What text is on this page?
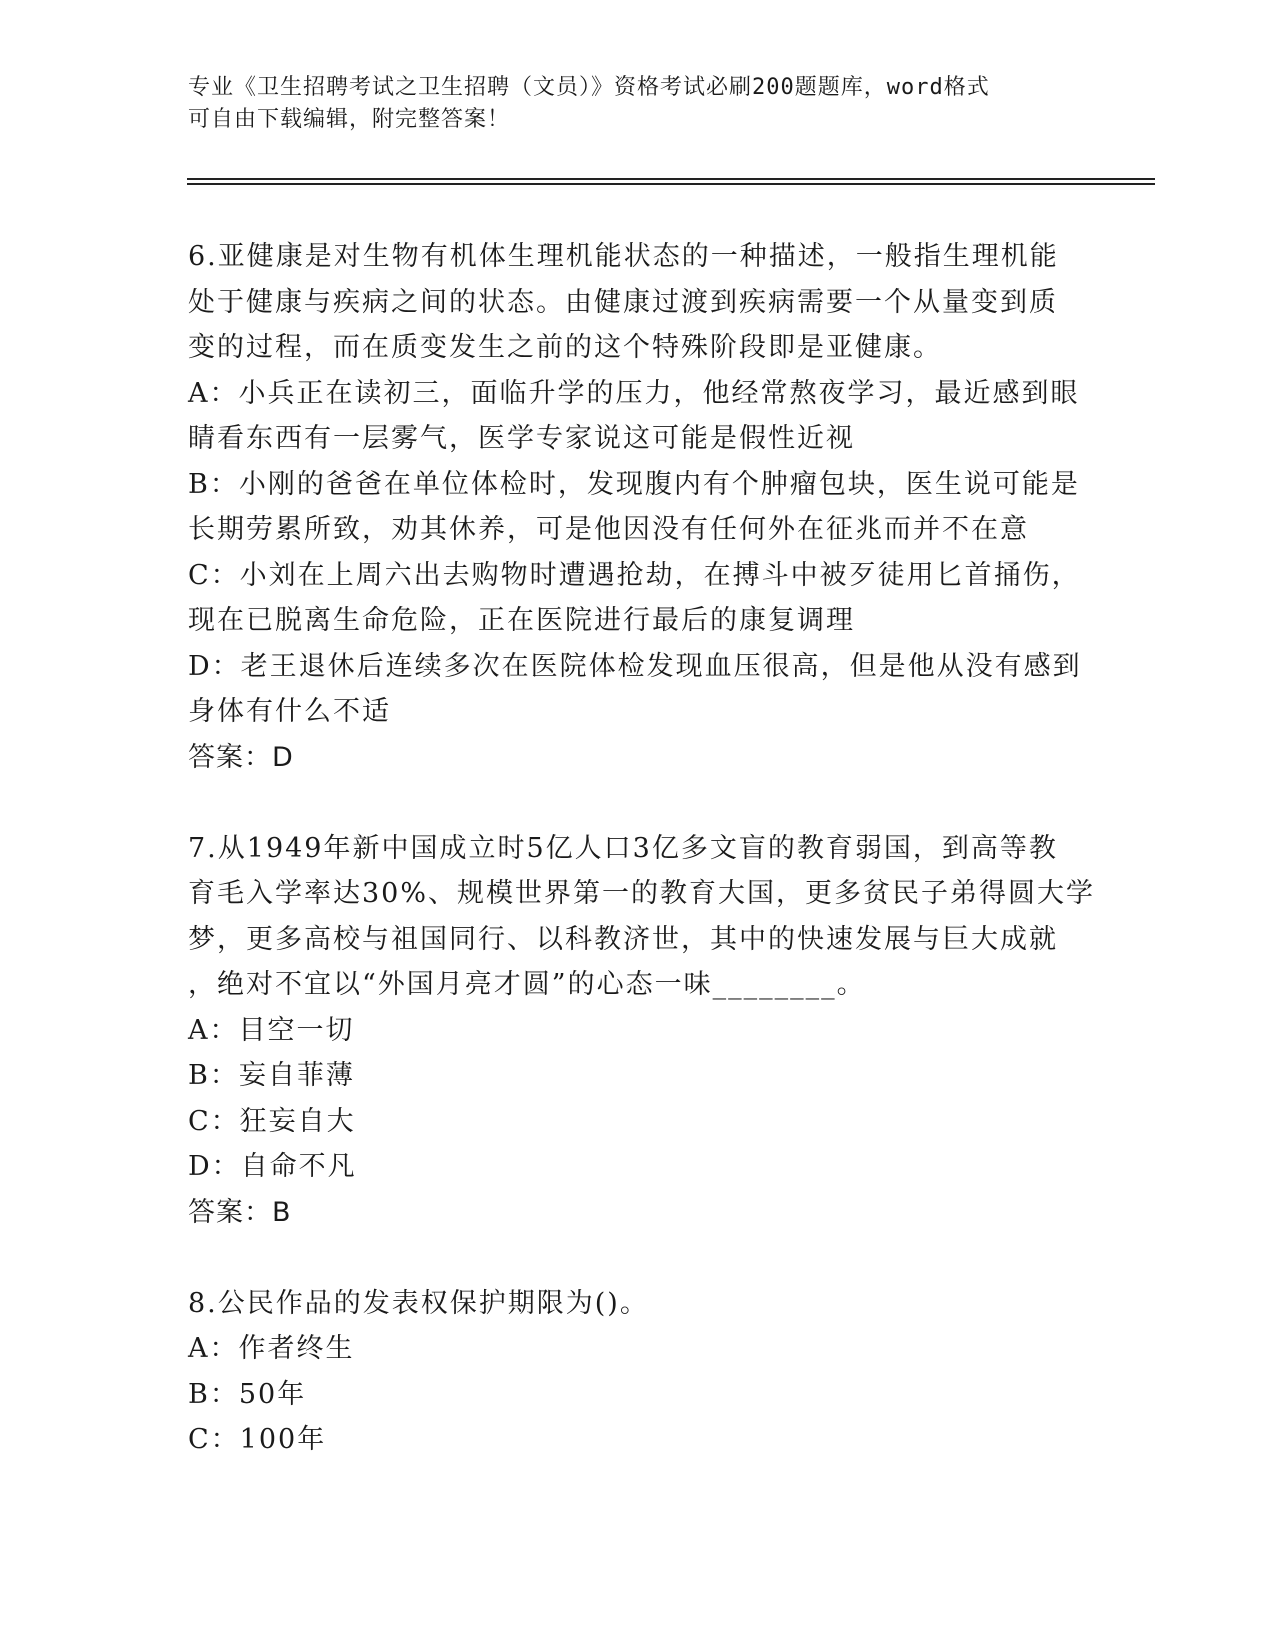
专业《卫生招聘考试之卫生招聘（文员）》资格考试必刷200题题库，word格式
可自由下载编辑，附完整答案！
6.亚健康是对生物有机体生理机能状态的一种描述，一般指生理机能
处于健康与疾病之间的状态。由健康过渡到疾病需要一个从量变到质
变的过程，而在质变发生之前的这个特殊阶段即是亚健康。
A：小兵正在读初三，面临升学的压力，他经常熬夜学习，最近感到眼
睛看东西有一层雾气，医学专家说这可能是假性近视
B：小刚的爸爸在单位体检时，发现腹内有个肿瘤包块，医生说可能是
长期劳累所致，劝其休养，可是他因没有任何外在征兆而并不在意
C：小刘在上周六出去购物时遭遇抢劫，在搏斗中被歹徒用匕首捅伤，
现在已脱离生命危险，正在医院进行最后的康复调理
D：老王退休后连续多次在医院体检发现血压很高，但是他从没有感到
身体有什么不适
答案：D
7.从1949年新中国成立时5亿人口3亿多文盲的教育弱国，到高等教
育毛入学率达30%、规模世界第一的教育大国，更多贫民子弟得圆大学
梦，更多高校与祖国同行、以科教济世，其中的快速发展与巨大成就
，绝对不宜以“外国月亮才圆”的心态一味________。
A：目空一切
B：妄自菲薄
C：狂妄自大
D：自命不凡
答案：B
8.公民作品的发表权保护期限为()。
A：作者终生
B：50年
C：100年
